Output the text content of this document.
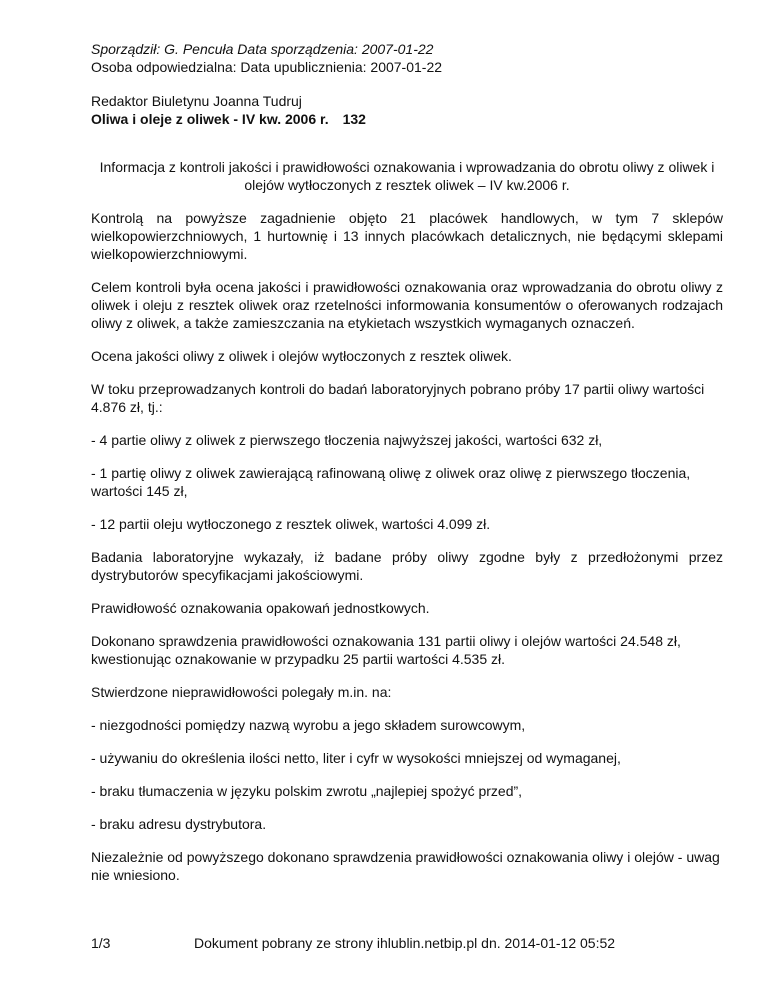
Sporządził: G. Pencuła Data sporządzenia: 2007-01-22

Osoba odpowiedzialna: Data upublicznienia: 2007-01-22

Redaktor Biuletynu Joanna Tudruj

Oliwa i oleje z oliwek - IV kw. 2006 r. 132

Informacja z kontroli jakości i prawidłowości oznakowania i wprowadzania do obrotu oliwy z oliwek i olejów wytłoczonych z resztek oliwek – IV kw.2006 r.

Kontrolą na powyższe zagadnienie objęto 21 placówek handlowych, w tym 7 sklepów wielkopowierzchniowych, 1 hurtownię i 13 innych placówkach detalicznych, nie będącymi sklepami wielkopowierzchniowymi.

Celem kontroli była ocena jakości i prawidłowości oznakowania oraz wprowadzania do obrotu oliwy z oliwek i oleju z resztek oliwek oraz rzetelności informowania konsumentów o oferowanych rodzajach oliwy z oliwek, a także zamieszczania na etykietach wszystkich wymaganych oznaczeń.

Ocena jakości oliwy z oliwek i olejów wytłoczonych z resztek oliwek.

W toku przeprowadzanych kontroli do badań laboratoryjnych pobrano próby 17 partii oliwy wartości 4.876 zł, tj.:

- 4 partie oliwy z oliwek z pierwszego tłoczenia najwyższej jakości, wartości 632 zł,

- 1 partię oliwy z oliwek zawierającą rafinowaną oliwę z oliwek oraz oliwę z pierwszego tłoczenia, wartości 145 zł,

- 12 partii oleju wytłoczonego z resztek oliwek, wartości 4.099 zł.

Badania laboratoryjne wykazały, iż badane próby oliwy zgodne były z przedłożonymi przez dystrybutorów specyfikacjami jakościowymi.

Prawidłowość oznakowania opakowań jednostkowych.

Dokonano sprawdzenia prawidłowości oznakowania 131 partii oliwy i olejów wartości 24.548 zł, kwestionując oznakowanie w przypadku 25 partii wartości 4.535 zł.

Stwierdzone nieprawidłowości polegały m.in. na:

- niezgodności pomiędzy nazwą wyrobu a jego składem surowcowym,

- używaniu do określenia ilości netto, liter i cyfr w wysokości mniejszej od wymaganej,

- braku tłumaczenia w języku polskim zwrotu „najlepiej spożyć przed”,

- braku adresu dystrybutora.

Niezależnie od powyższego dokonano sprawdzenia prawidłowości oznakowania oliwy i olejów - uwag nie wniesiono.

1/3	Dokument pobrany ze strony ihlublin.netbip.pl dn. 2014-01-12 05:52
